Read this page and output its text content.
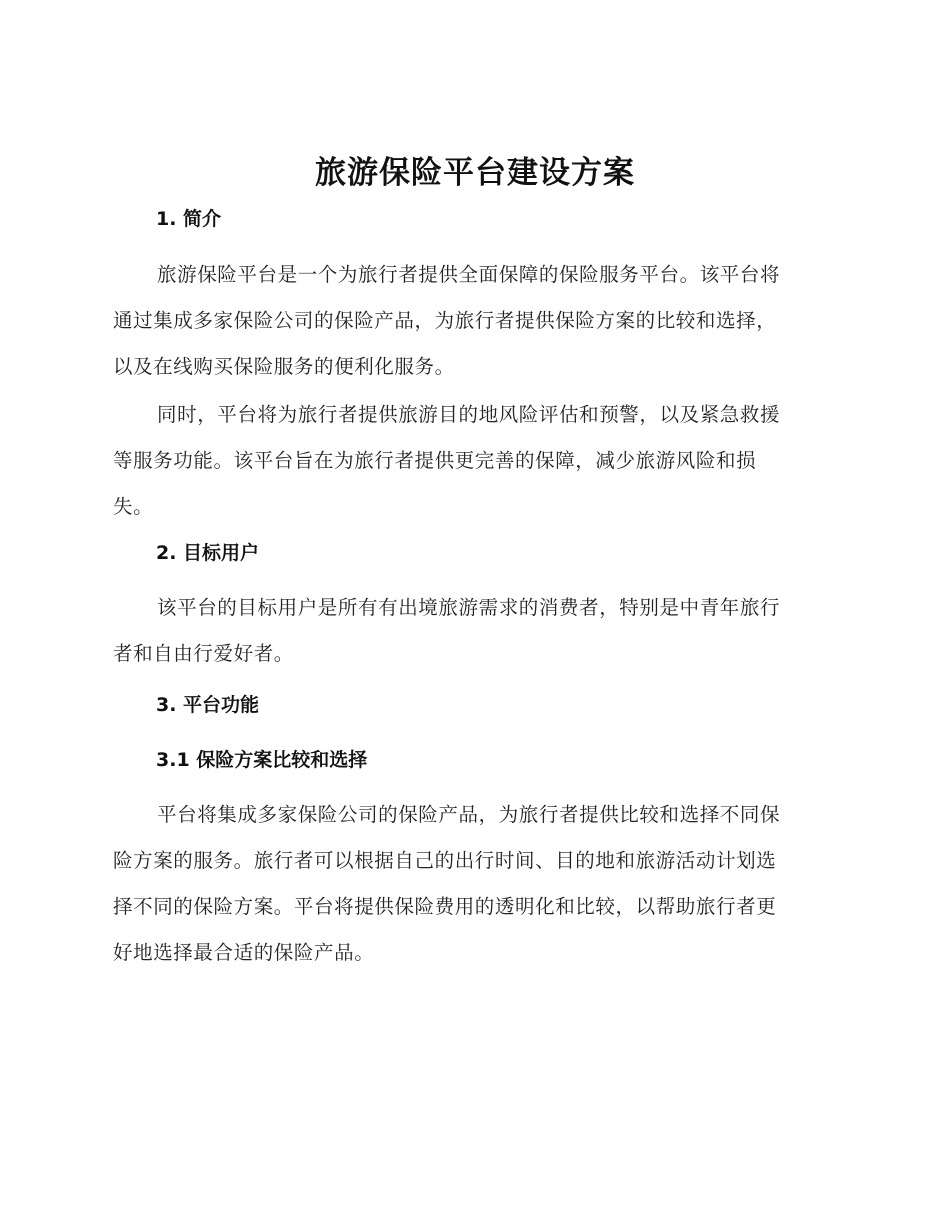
旅游保险平台建设方案
1. 简介

旅游保险平台是一个为旅行者提供全面保障的保险服务平台。该平台将
通过集成多家保险公司的保险产品，为旅行者提供保险方案的比较和选择，
以及在线购买保险服务的便利化服务。

同时，平台将为旅行者提供旅游目的地风险评估和预警，以及紧急救援
等服务功能。该平台旨在为旅行者提供更完善的保障，减少旅游风险和损
失。

2. 目标用户

该平台的目标用户是所有有出境旅游需求的消费者，特别是中青年旅行
者和自由行爱好者。

3. 平台功能
3.1 保险方案比较和选择

平台将集成多家保险公司的保险产品，为旅行者提供比较和选择不同保
险方案的服务。旅行者可以根据自己的出行时间、目的地和旅游活动计划选
择不同的保险方案。平台将提供保险费用的透明化和比较，以帮助旅行者更
好地选择最合适的保险产品。
